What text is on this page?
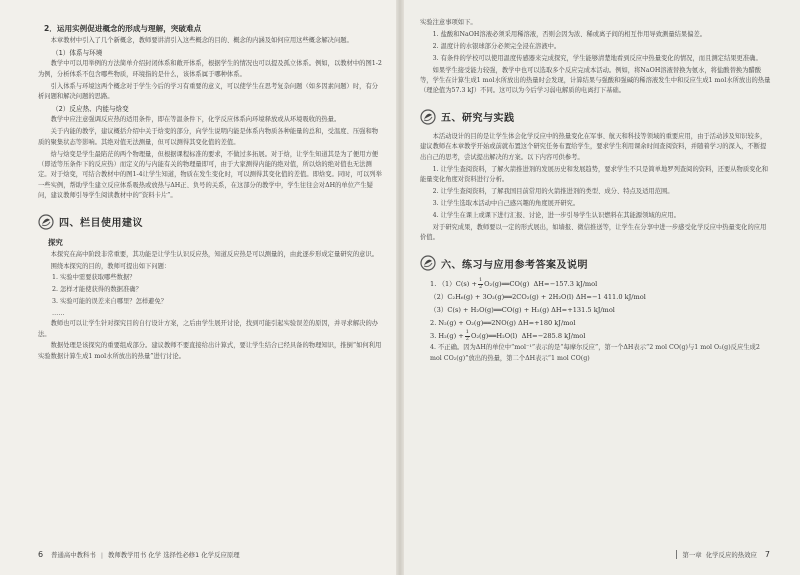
2．运用实例促进概念的形成与理解，突破难点

本章教材中引入了几个新概念，教师要讲清引入这些概念的目的、概念的内涵及如何应用这些概念解决问题。

（1）体系与环境

教学中可以用举例的方法简单介绍封闭体系和敞开体系，根据学生的情况也可以提及孤立体系。例如，以教材中的图1-2为例，分析体系不包含哪些物质，环境指的是什么，该体系属于哪种体系。

引入体系与环境这两个概念对于学生今后的学习有重要的意义，可以使学生在思考复杂问题（如多因素问题）时，有分析问题和解决问题的思路。

（2）反应热、内能与焓变

教学中应注意强调反应热的适用条件，即在等温条件下，化学反应体系向环境释放或从环境吸收的热量。

关于内能的教学，建议概括介绍中关于焓变的部分，向学生说明内能是体系内物质各种能量的总和，受温度、压强和物质的聚集状态等影响。其绝对值无法测量，但可以测得其变化值的差值。

焓与焓变是学生最陷茫的两个物理量，但根据课程标准的要求，不做过多拓展。对于焓，让学生知道其是为了便用方便（即适等压条件下的反应热）而定义的与内能有关的物理量即可，由于大家测得内能的绝对值，所以焓的绝对值也无法测定。对于焓变，可结合教材中的图1-4让学生知道，物质在发生变化时，可以测得其变化值的差值。即焓变。同时，可以列举一些实例，帮助学生建立反应体系吸热或放热与ΔH正、负号的关系，在这部分的教学中，学生往往会对ΔH的单位产生疑问，建议教师引导学生阅读教材中的“资料卡片”。

四、栏目使用建议
探究

本探究在高中阶段非常重要，其功能是让学生认识反应热，知道反应热是可以测量的，由此逐步形成定量研究的意识。

围绕本探究的目的，教师可提出如下问题：

1. 实验中需要获取哪些数据？

2. 怎样才能使获得的数据准确？

3. 实验可能的误差来自哪里？怎样避免？

……

教师也可以让学生针对探究目的自行设计方案，之后由学生展开讨论，找到可能引起实验误差的原因，并寻求解决的办法。

数据处理是该探究的重要组成部分。建议教师不要直接给出计算式，要让学生结合已经具备的物理知识，推倒“如何利用实验数据计算生成1 mol水所放出的热量”进行讨论。

6 普通高中教科书 | 教师教学用书
化学
选择性必修1
化学反应原理

实验注意事项如下。

1. 盐酸和NaOH溶液必须采用稀溶液，否则会因为浓、稀或离子间的相互作用导致测量结果偏差。

2. 温度计的水银球部分必须完全浸在溶液中。

3. 有条件的学校可以使用温度传感器来完成探究，学生能够清楚地看到反应中热量变化的情况，而且测定结果更准确。

如果学生接受能力较强，教学中也可以选取多个反应完成本活动。例如，将NaOH溶液替换为氨水，将盐酸替换为醋酸等，学生在计算生成1 mol水所放出的热量时会发现，计算结果与强酸和强碱的稀溶液发生中和反应生成1 mol水所放出的热量（理论值为57.3 kJ）不同。这可以为今后学习弱电解质的电离打下基础。

五、研究与实践

本活动设计的目的是让学生体会化学反应中的热量变化在军事、航天和科技等领域的重要应用，由于活动涉及知识较多，建议教师在本章教学开始或前就布置这个研究任务布置给学生，要求学生利用课余时间查阅资料，并随着学习的深入，不断提出自己的思考，尝试提出解决的方案。以下内容可供参考。

1. 让学生查阅资料，了解火箭推进剂的发展历史和发展趋势，要求学生不只是简单地罗列查阅的资料，还要从物质变化和能量变化角度对资料进行分析。

2. 让学生查阅资料，了解我国目前常用的火箭推进剂的类型、成分、特点及适用范围。

3. 让学生选取本活动中自己感兴趣的角度展开研究。

4. 让学生在课上或课下进行汇报、讨论，进一步引导学生认识燃料在其能源领域的应用。

对于研究成果，教师要以一定的形式展出，如墙报、微信推送等，让学生在分享中进一步感受化学反应中热量变化的应用价值。

六、练习与应用参考答案及说明
1. $(1)C(s) + \frac{1}{2}$ O₂(g)══CO(g)
ΔH=−157.3 kJ/mol
（2）C₂H₆(g) + 3O₂(g)══2CO₂(g) + 2H₂O(l) ΔH=−1 411.0 kJ/mol
（3）C(s) + H₂O(g)══CO(g) + H₂(g) ΔH=+131.5 kJ/mol
2. N₂(g) + O₂(g)══2NO(g) ΔH=+180 kJ/mol
3. $H_2(g) + \frac{1}{2}$ O₂(g)══H₂O(l)
ΔH=−285.8 kJ/mol

4. 不正确。因为ΔH的单位中“mol⁻¹”表示的是“每摩尔反应”，第一个ΔH表示“2 mol CO(g)与1 mol O₂(g)反应生成2 mol CO₂(g)”放出的热量，第二个ΔH表示“1 mol CO(g)

第一章
化学反应的热效应 7
